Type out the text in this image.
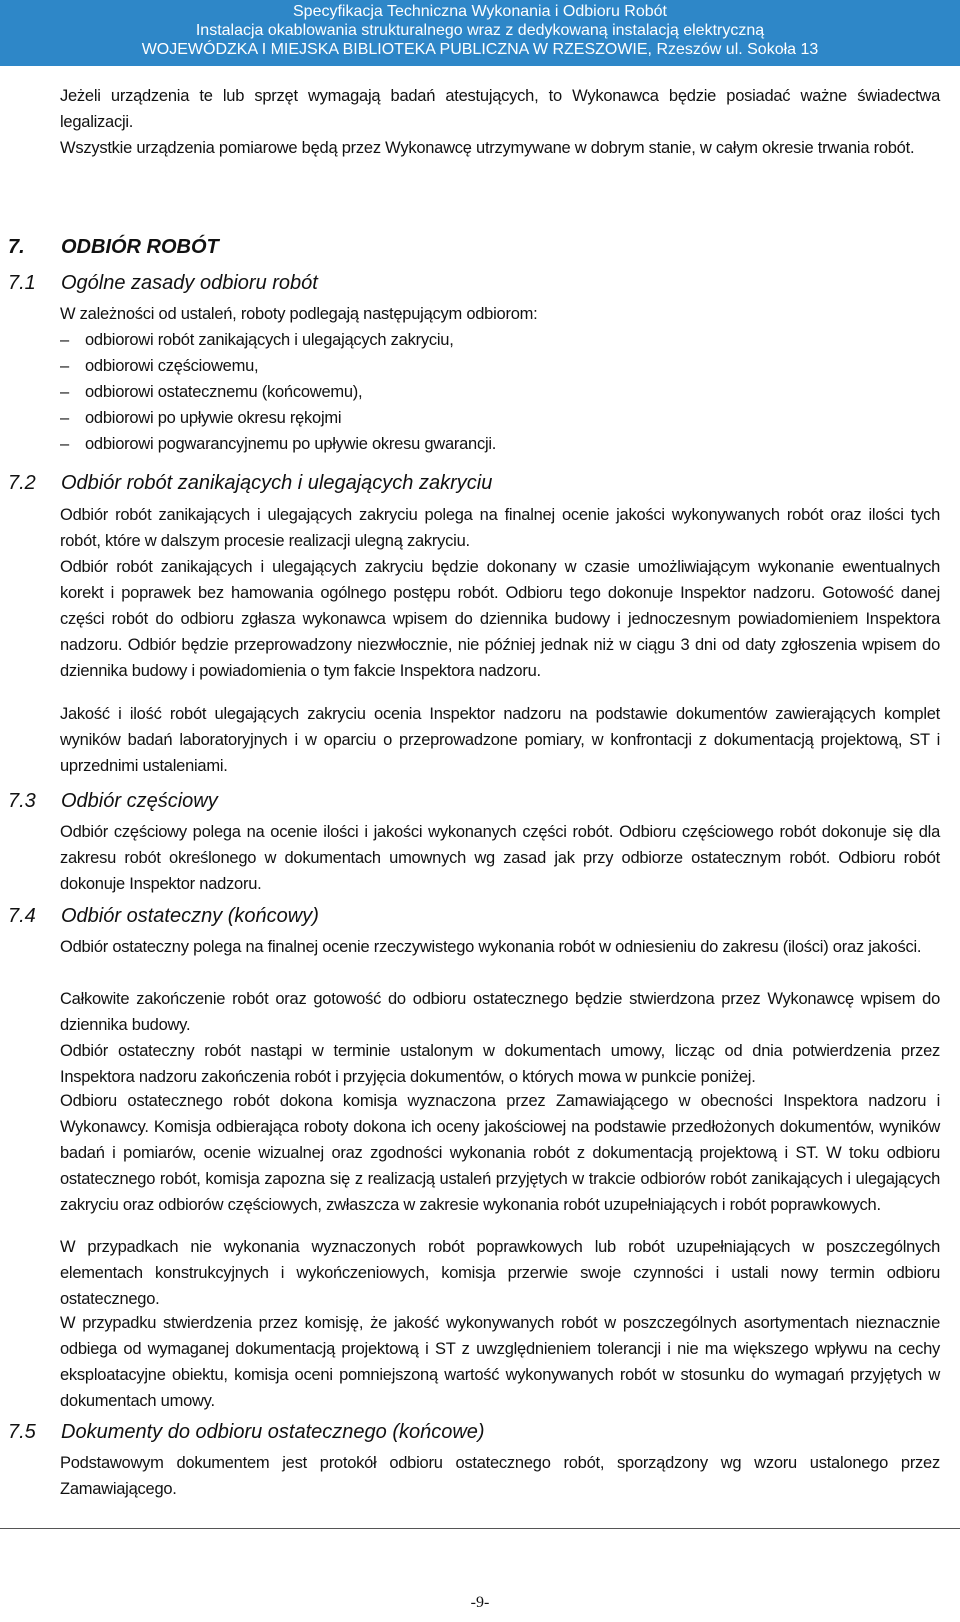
Specyfikacja Techniczna Wykonania i Odbioru Robót
Instalacja okablowania strukturalnego wraz z dedykowaną instalacją elektryczną
WOJEWÓDZKA I MIEJSKA BIBLIOTEKA PUBLICZNA W RZESZOWIE, Rzeszów ul. Sokoła 13

Jeżeli urządzenia te lub sprzęt wymagają badań atestujących, to Wykonawca będzie posiadać ważne świadectwa legalizacji.

Wszystkie urządzenia pomiarowe będą przez Wykonawcę utrzymywane w dobrym stanie, w całym okresie trwania robót.

7. ODBIÓR ROBÓT
7.1 Ogólne zasady odbioru robót

W zależności od ustaleń, roboty podlegają następującym odbiorom:

– odbiorowi robót zanikających i ulegających zakryciu,
– odbiorowi częściowemu,
– odbiorowi ostatecznemu (końcowemu),
– odbiorowi po upływie okresu rękojmi
– odbiorowi pogwarancyjnemu po upływie okresu gwarancji.
7.2 Odbiór robót zanikających i ulegających zakryciu

Odbiór robót zanikających i ulegających zakryciu polega na finalnej ocenie jakości wykonywanych robót oraz ilości tych robót, które w dalszym procesie realizacji ulegną zakryciu.

Odbiór robót zanikających i ulegających zakryciu będzie dokonany w czasie umożliwiającym wykonanie ewentualnych korekt i poprawek bez hamowania ogólnego postępu robót. Odbioru tego dokonuje Inspektor nadzoru. Gotowość danej części robót do odbioru zgłasza wykonawca wpisem do dziennika budowy i jednoczesnym powiadomieniem Inspektora nadzoru. Odbiór będzie przeprowadzony niezwłocznie, nie później jednak niż w ciągu 3 dni od daty zgłoszenia wpisem do dziennika budowy i powiadomienia o tym fakcie Inspektora nadzoru.

Jakość i ilość robót ulegających zakryciu ocenia Inspektor nadzoru na podstawie dokumentów zawierających komplet wyników badań laboratoryjnych i w oparciu o przeprowadzone pomiary, w konfrontacji z dokumentacją projektową, ST i uprzednimi ustaleniami.

7.3 Odbiór częściowy

Odbiór częściowy polega na ocenie ilości i jakości wykonanych części robót. Odbioru częściowego robót dokonuje się dla zakresu robót określonego w dokumentach umownych wg zasad jak przy odbiorze ostatecznym robót. Odbioru robót dokonuje Inspektor nadzoru.

7.4 Odbiór ostateczny (końcowy)

Odbiór ostateczny polega na finalnej ocenie rzeczywistego wykonania robót w odniesieniu do zakresu (ilości) oraz jakości.

Całkowite zakończenie robót oraz gotowość do odbioru ostatecznego będzie stwierdzona przez Wykonawcę wpisem do dziennika budowy.

Odbiór ostateczny robót nastąpi w terminie ustalonym w dokumentach umowy, licząc od dnia potwierdzenia przez Inspektora nadzoru zakończenia robót i przyjęcia dokumentów, o których mowa w punkcie poniżej.

Odbioru ostatecznego robót dokona komisja wyznaczona przez Zamawiającego w obecności Inspektora nadzoru i Wykonawcy. Komisja odbierająca roboty dokona ich oceny jakościowej na podstawie przedłożonych dokumentów, wyników badań i pomiarów, ocenie wizualnej oraz zgodności wykonania robót z dokumentacją projektową i ST. W toku odbioru ostatecznego robót, komisja zapozna się z realizacją ustaleń przyjętych w trakcie odbiorów robót zanikających i ulegających zakryciu oraz odbiorów częściowych, zwłaszcza w zakresie wykonania robót uzupełniających i robót poprawkowych.

W przypadkach nie wykonania wyznaczonych robót poprawkowych lub robót uzupełniających w poszczególnych elementach konstrukcyjnych i wykończeniowych, komisja przerwie swoje czynności i ustali nowy termin odbioru ostatecznego.

W przypadku stwierdzenia przez komisję, że jakość wykonywanych robót w poszczególnych asortymentach nieznacznie odbiega od wymaganej dokumentacją projektową i ST z uwzględnieniem tolerancji i nie ma większego wpływu na cechy eksploatacyjne obiektu, komisja oceni pomniejszoną wartość wykonywanych robót w stosunku do wymagań przyjętych w dokumentach umowy.

7.5 Dokumenty do odbioru ostatecznego (końcowe)

Podstawowym dokumentem jest protokół odbioru ostatecznego robót, sporządzony wg wzoru ustalonego przez Zamawiającego.

-9-
